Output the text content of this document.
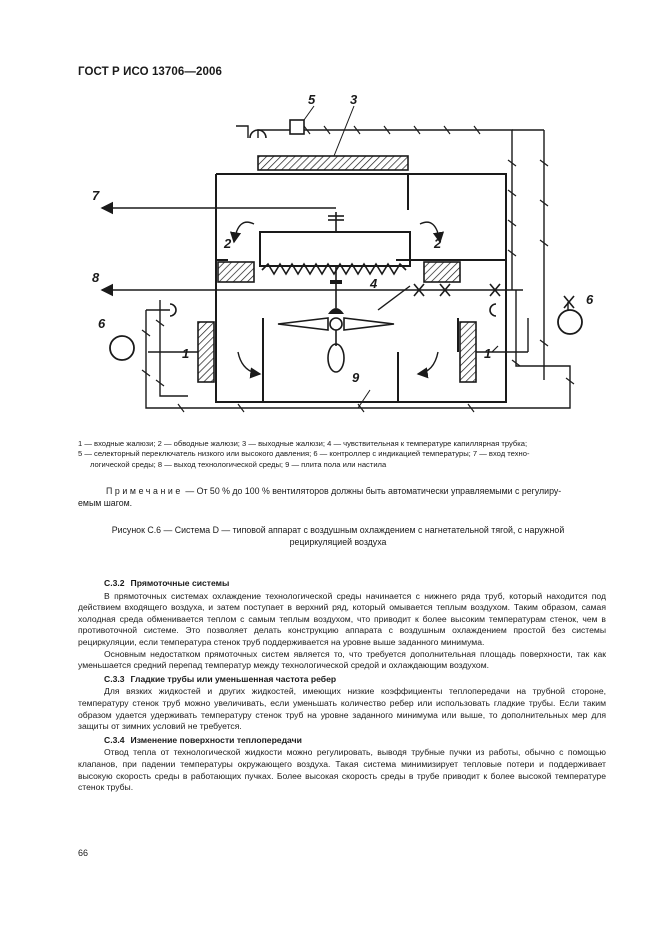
ГОСТ Р ИСО 13706—2006
7
8
6
6
1	1
2	2
3
5
4
9
1 — входные жалюзи; 2 — обводные жалюзи; 3 — выходные жалюзи; 4 — чувствительная к температуре капиллярная трубка;
5 — селекторный переключатель низкого или высокого давления; 6 — контроллер с индикацией температуры; 7 — вход техно-
логической среды; 8 — выход технологической среды; 9 — плита пола или настила
Примечание — От 50 % до 100 % вентиляторов должны быть автоматически управляемыми с регулиру-
емым шагом.
Рисунок С.6 — Система D — типовой аппарат с воздушным охлаждением с нагнетательной тягой, с наружной
рециркуляцией воздуха
С.3.2 Прямоточные системы

В прямоточных системах охлаждение технологической среды начинается с нижнего ряда труб, который находится под действием входящего воздуха, и затем поступает в верхний ряд, который омывается теплым воздухом. Таким образом, самая холодная среда обменивается теплом с самым теплым воздухом, что приводит к более высоким температурам стенок, чем в противоточной системе. Это позволяет делать конструкцию аппарата с воздушным охлаждением простой без системы рециркуляции, если температура стенок труб поддерживается на уровне выше заданного минимума.

Основным недостатком прямоточных систем является то, что требуется дополнительная площадь поверхности, так как уменьшается средний перепад температур между технологической средой и охлаждающим воздухом.

С.3.3 Гладкие трубы или уменьшенная частота ребер

Для вязких жидкостей и других жидкостей, имеющих низкие коэффициенты теплопередачи на трубной стороне, температуру стенок труб можно увеличивать, если уменьшать количество ребер или использовать гладкие трубы. Если таким образом удается удерживать температуру стенок труб на уровне заданного минимума или выше, то дополнительных мер для защиты от зимних условий не требуется.

С.3.4 Изменение поверхности теплопередачи

Отвод тепла от технологической жидкости можно регулировать, выводя трубные пучки из работы, обычно с помощью клапанов, при падении температуры окружающего воздуха. Такая система минимизирует тепловые потери и поддерживает высокую скорость среды в работающих пучках. Более высокая скорость среды в трубе приводит к более высокой температуре стенок трубы.

66
